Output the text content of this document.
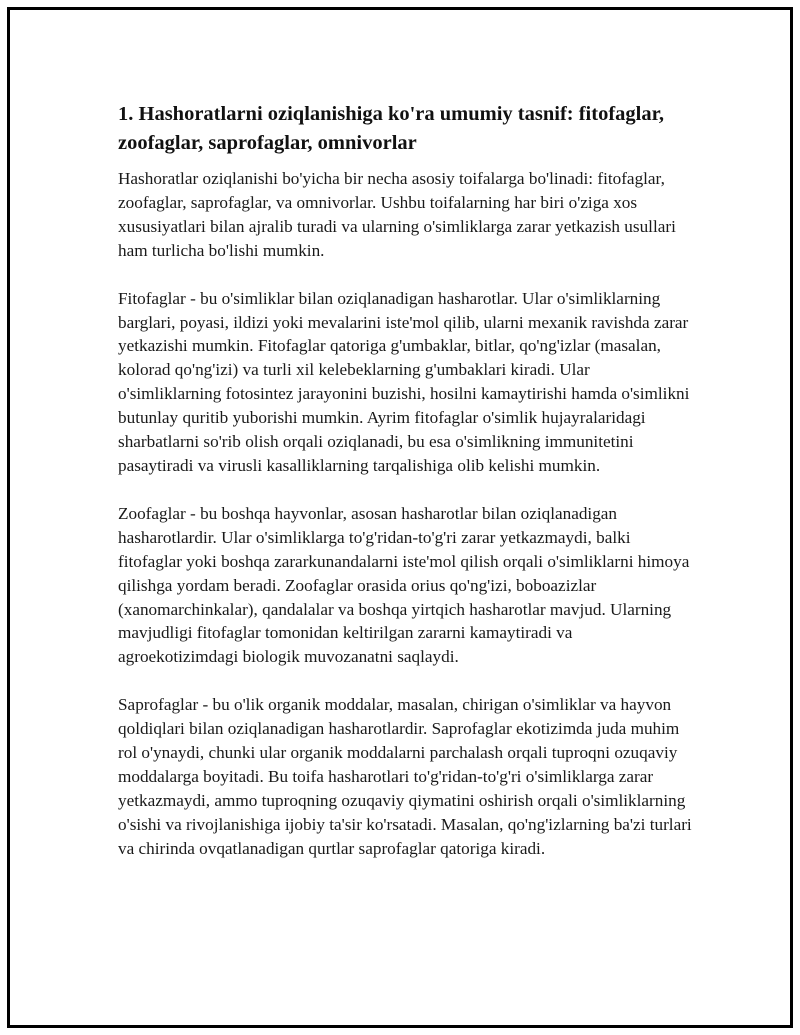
1. Hashoratlarni oziqlanishiga ko'ra umumiy tasnif: fitofaglar, zoofaglar, saprofaglar, omnivorlar

Hashoratlar oziqlanishi bo'yicha bir necha asosiy toifalarga bo'linadi: fitofaglar, zoofaglar, saprofaglar, va omnivorlar. Ushbu toifalarning har biri o'ziga xos xususiyatlari bilan ajralib turadi va ularning o'simliklarga zarar yetkazish usullari ham turlicha bo'lishi mumkin.

Fitofaglar - bu o'simliklar bilan oziqlanadigan hasharotlar. Ular o'simliklarning barglari, poyasi, ildizi yoki mevalarini iste'mol qilib, ularni mexanik ravishda zarar yetkazishi mumkin. Fitofaglar qatoriga g'umbaklar, bitlar, qo'ng'izlar (masalan, kolorad qo'ng'izi) va turli xil kelebeklarning g'umbaklari kiradi. Ular o'simliklarning fotosintez jarayonini buzishi, hosilni kamaytirishi hamda o'simlikni butunlay quritib yuborishi mumkin. Ayrim fitofaglar o'simlik hujayralaridagi sharbatlarni so'rib olish orqali oziqlanadi, bu esa o'simlikning immunitetini pasaytiradi va virusli kasalliklarning tarqalishiga olib kelishi mumkin.

Zoofaglar - bu boshqa hayvonlar, asosan hasharotlar bilan oziqlanadigan hasharotlardir. Ular o'simliklarga to'g'ridan-to'g'ri zarar yetkazmaydi, balki fitofaglar yoki boshqa zararkunandalarni iste'mol qilish orqali o'simliklarni himoya qilishga yordam beradi. Zoofaglar orasida orius qo'ng'izi, boboazizlar (xanomarchinkalar), qandalalar va boshqa yirtqich hasharotlar mavjud. Ularning mavjudligi fitofaglar tomonidan keltirilgan zararni kamaytiradi va agroekotizimdagi biologik muvozanatni saqlaydi.

Saprofaglar - bu o'lik organik moddalar, masalan, chirigan o'simliklar va hayvon qoldiqlari bilan oziqlanadigan hasharotlardir. Saprofaglar ekotizimda juda muhim rol o'ynaydi, chunki ular organik moddalarni parchalash orqali tuproqni ozuqaviy moddalarga boyitadi. Bu toifa hasharotlari to'g'ridan-to'g'ri o'simliklarga zarar yetkazmaydi, ammo tuproqning ozuqaviy qiymatini oshirish orqali o'simliklarning o'sishi va rivojlanishiga ijobiy ta'sir ko'rsatadi. Masalan, qo'ng'izlarning ba'zi turlari va chirinda ovqatlanadigan qurtlar saprofaglar qatoriga kiradi.
